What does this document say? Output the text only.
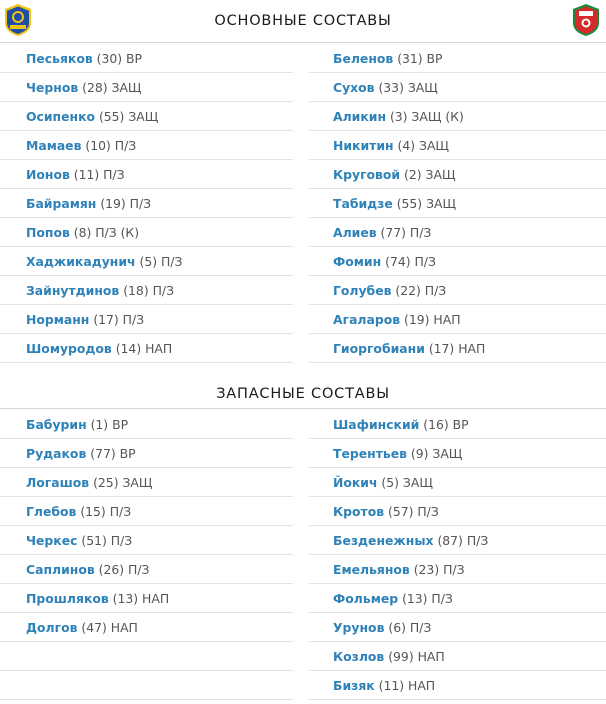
ОСНОВНЫЕ СОСТАВЫ
Песьяков (30) ВР
Чернов (28) ЗАЩ
Осипенко (55) ЗАЩ
Мамаев (10) П/З
Ионов (11) П/З
Байрамян (19) П/З
Попов (8) П/З (К)
Хаджикадунич (5) П/З
Зайнутдинов (18) П/З
Норманн (17) П/З
Шомуродов (14) НАП
Беленов (31) ВР
Сухов (33) ЗАЩ
Аликин (3) ЗАЩ (К)
Никитин (4) ЗАЩ
Круговой (2) ЗАЩ
Табидзе (55) ЗАЩ
Алиев (77) П/З
Фомин (74) П/З
Голубев (22) П/З
Агаларов (19) НАП
Гиоргобиани (17) НАП
ЗАПАСНЫЕ СОСТАВЫ
Бабурин (1) ВР
Рудаков (77) ВР
Логашов (25) ЗАЩ
Глебов (15) П/З
Черкес (51) П/З
Саплинов (26) П/З
Прошляков (13) НАП
Долгов (47) НАП
Шафинский (16) ВР
Терентьев (9) ЗАЩ
Йокич (5) ЗАЩ
Кротов (57) П/З
Безденежных (87) П/З
Емельянов (23) П/З
Фольмер (13) П/З
Урунов (6) П/З
Козлов (99) НАП
Бизяк (11) НАП
